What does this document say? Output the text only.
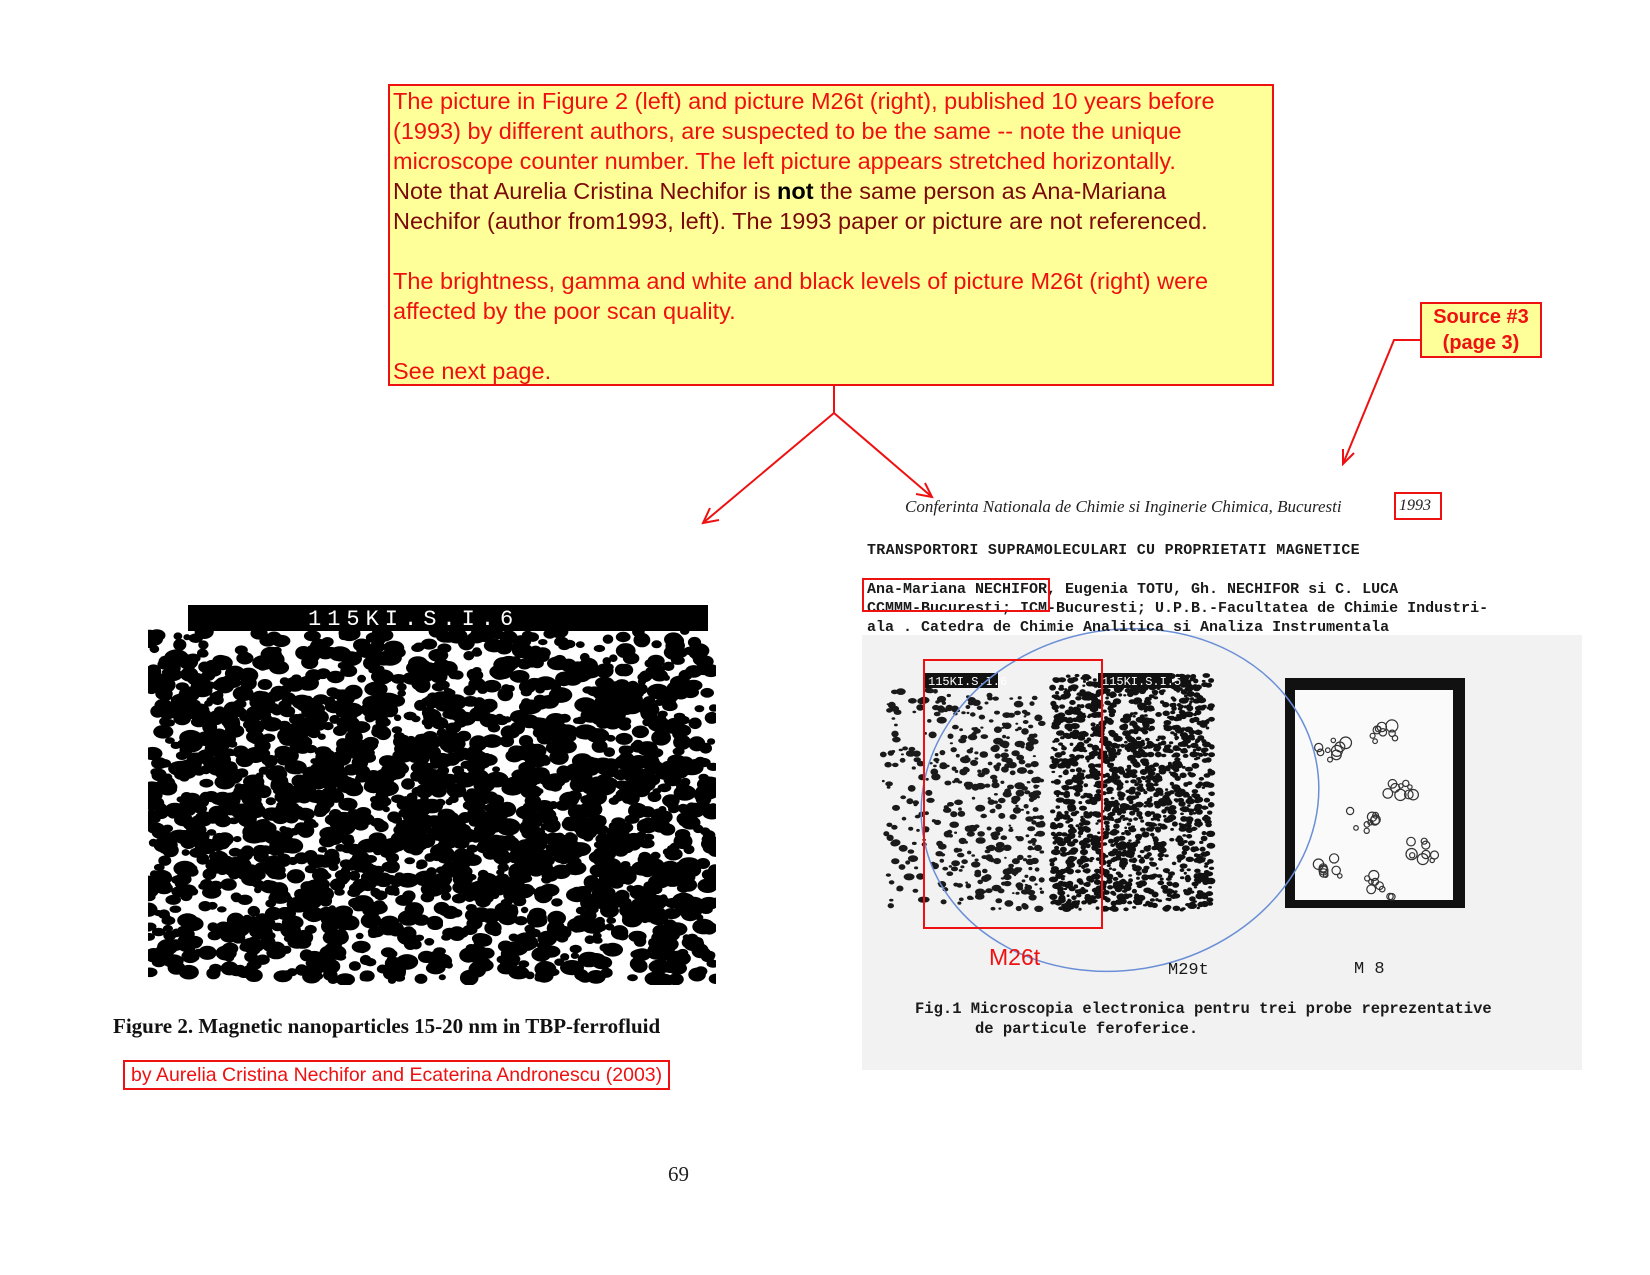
The picture in Figure 2 (left) and picture M26t (right), published 10 years before

(1993) by different authors, are suspected to be the same -- note the unique

microscope counter number. The left picture appears stretched horizontally.

Note that Aurelia Cristina Nechifor is not the same person as Ana-Mariana

Nechifor (author from1993, left). The 1993 paper or picture are not referenced.

The brightness, gamma and white and black levels of picture M26t (right) were

affected by the poor scan quality.

See next page.

Source #3
(page 3)
115KI.S.I.6
Figure 2. Magnetic nanoparticles 15-20 nm in TBP-ferrofluid
by Aurelia Cristina Nechifor and Ecaterina Andronescu (2003)
115KI.S.I.6	115KI.S.I.5
Conferinta Nationala de Chimie si Inginerie Chimica, Bucuresti	1993
TRANSPORTORI SUPRAMOLECULARI CU PROPRIETATI MAGNETICE
Ana-Mariana NECHIFOR, Eugenia TOTU, Gh. NECHIFOR si C. LUCA
CCMMM-Bucuresti; ICM-Bucuresti; U.P.B.-Facultatea de Chimie Industri-
ala . Catedra de Chimie Analitica si Analiza Instrumentala
M26t
M29t	M 8
Fig.1 Microscopia electronica pentru trei probe reprezentative
de particule feroferice.
69
